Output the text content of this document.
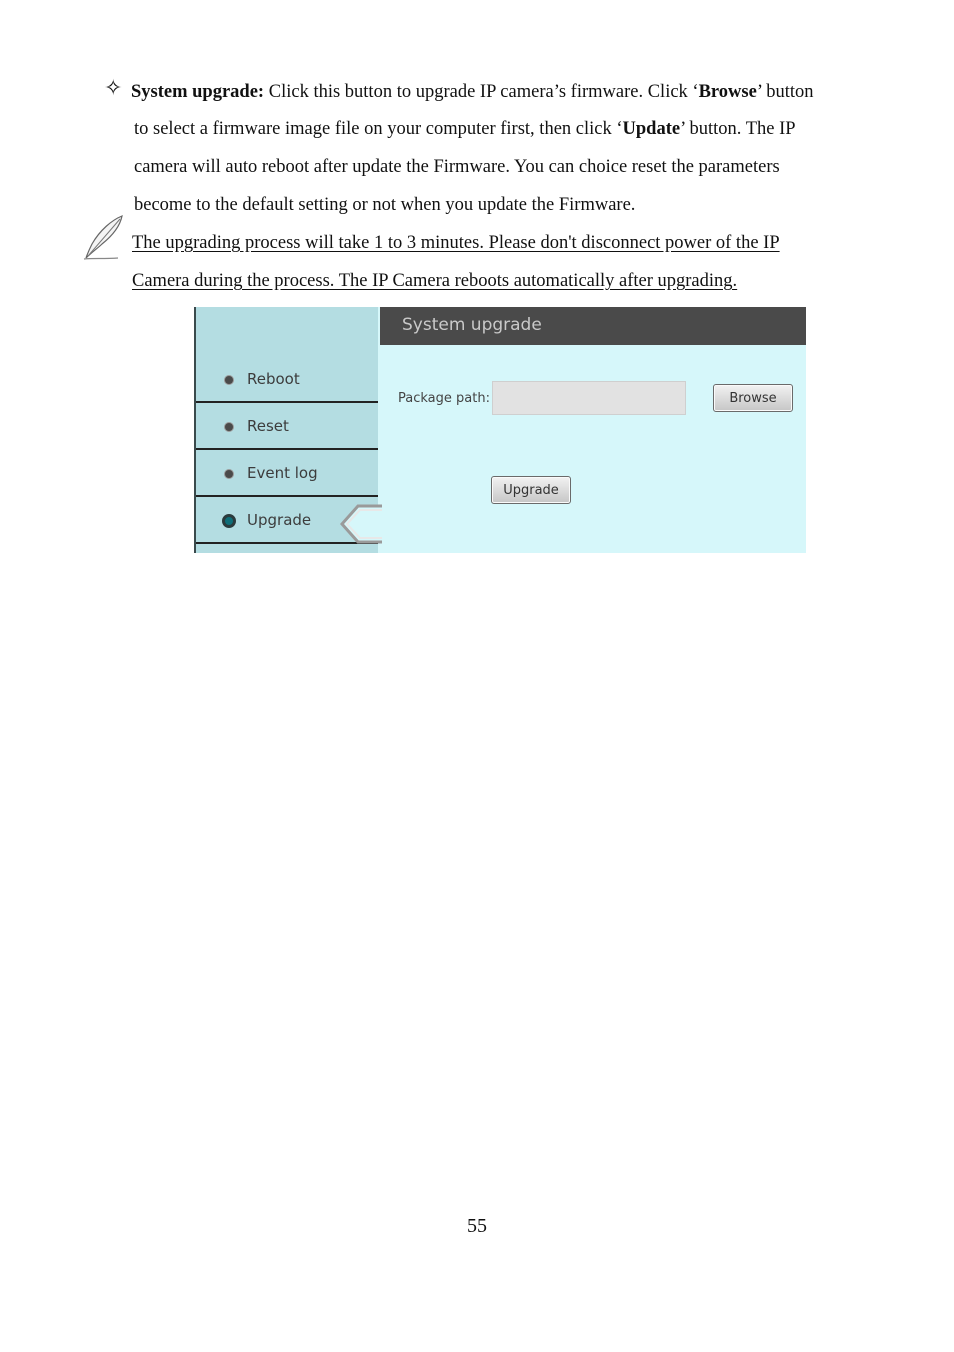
✧ System upgrade: Click this button to upgrade IP camera’s firmware. Click ‘Browse’ button
to select a firmware image file on your computer first, then click ‘Update’ button. The IP
camera will auto reboot after update the Firmware. You can choice reset the parameters
become to the default setting or not when you update the Firmware.
The upgrading process will take 1 to 3 minutes. Please don't disconnect power of the IP
Camera during the process. The IP Camera reboots automatically after upgrading.
Reboot
Reset
Event log
Upgrade
System upgrade
Package path:	Browse
Upgrade
55
